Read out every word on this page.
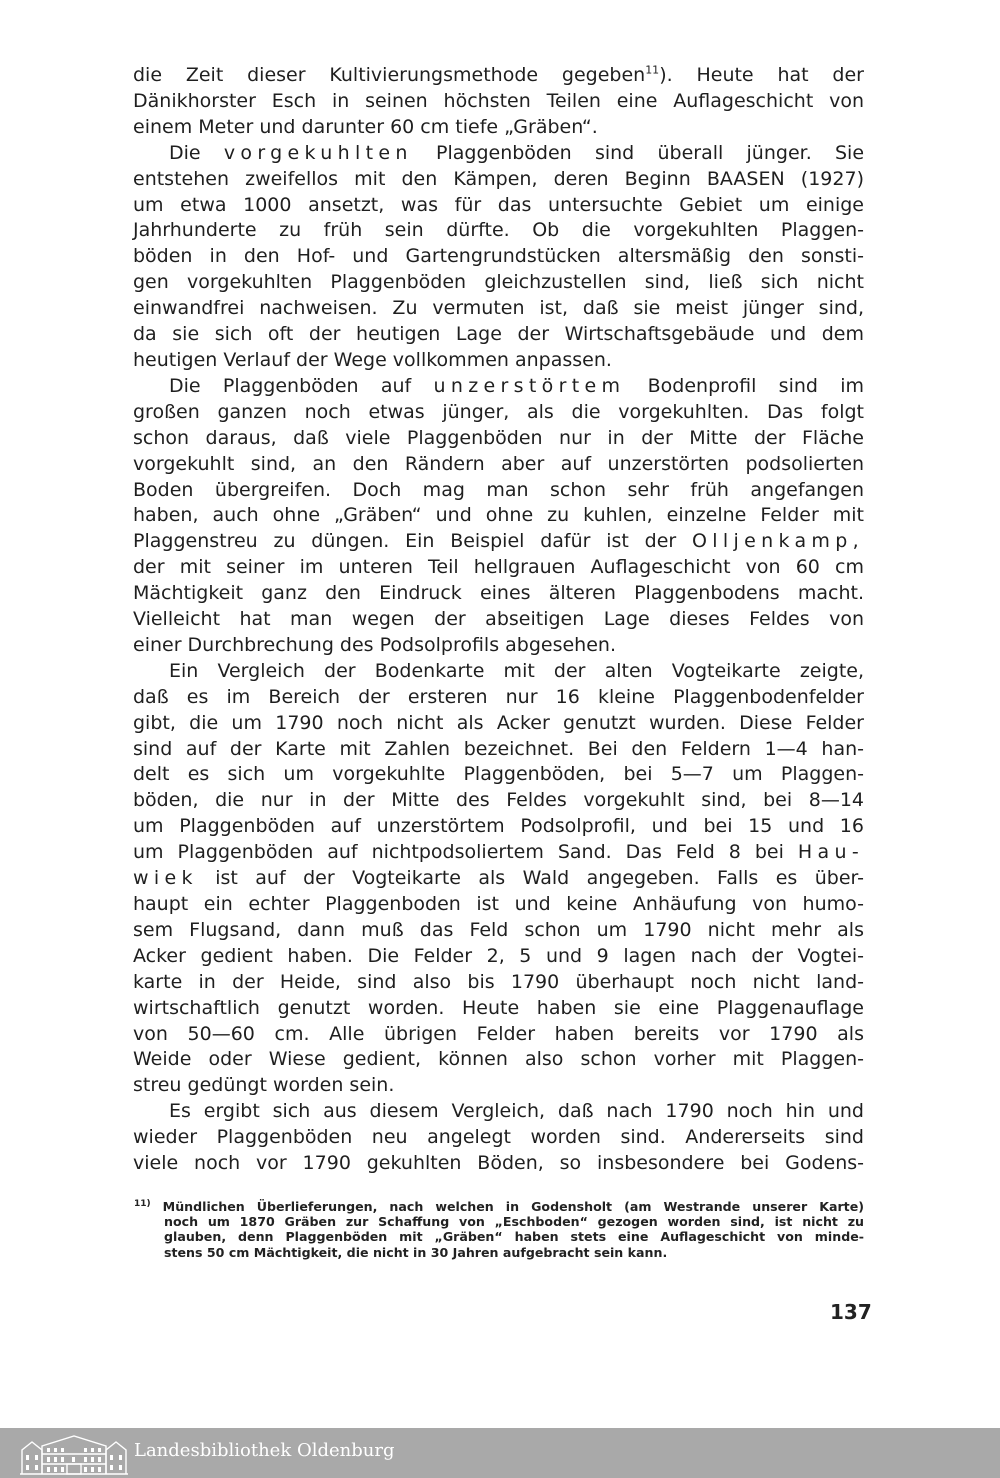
die Zeit dieser Kultivierungsmethode gegeben$^{11}$). Heute hat der
Dänikhorster Esch in seinen höchsten Teilen eine Auflageschicht von
einem Meter und darunter 60 cm tiefe „Gräben“.

Die vorgekuhlten Plaggenböden sind überall jünger. Sie
entstehen zweifellos mit den Kämpen, deren Beginn BAASEN (1927)
um etwa 1000 ansetzt, was für das untersuchte Gebiet um einige
Jahrhunderte zu früh sein dürfte. Ob die vorgekuhlten Plaggen-
böden in den Hof- und Gartengrundstücken altersmäßig den sonsti-
gen vorgekuhlten Plaggenböden gleichzustellen sind, ließ sich nicht
einwandfrei nachweisen. Zu vermuten ist, daß sie meist jünger sind,
da sie sich oft der heutigen Lage der Wirtschaftsgebäude und dem
heutigen Verlauf der Wege vollkommen anpassen.

Die Plaggenböden auf unzerstörtem Bodenprofil sind im
großen ganzen noch etwas jünger, als die vorgekuhlten. Das folgt
schon daraus, daß viele Plaggenböden nur in der Mitte der Fläche
vorgekuhlt sind, an den Rändern aber auf unzerstörten podsolierten
Boden übergreifen. Doch mag man schon sehr früh angefangen
haben, auch ohne „Gräben“ und ohne zu kuhlen, einzelne Felder mit
Plaggenstreu zu düngen. Ein Beispiel dafür ist der Olljenkamp,
der mit seiner im unteren Teil hellgrauen Auflageschicht von 60 cm
Mächtigkeit ganz den Eindruck eines älteren Plaggenbodens macht.
Vielleicht hat man wegen der abseitigen Lage dieses Feldes von
einer Durchbrechung des Podsolprofils abgesehen.

Ein Vergleich der Bodenkarte mit der alten Vogteikarte zeigte,
daß es im Bereich der ersteren nur 16 kleine Plaggenbodenfelder
gibt, die um 1790 noch nicht als Acker genutzt wurden. Diese Felder
sind auf der Karte mit Zahlen bezeichnet. Bei den Feldern 1—4 han-
delt es sich um vorgekuhlte Plaggenböden, bei 5—7 um Plaggen-
böden, die nur in der Mitte des Feldes vorgekuhlt sind, bei 8—14
um Plaggenböden auf unzerstörtem Podsolprofil, und bei 15 und 16
um Plaggenböden auf nichtpodsoliertem Sand. Das Feld 8 bei Hau-
wiek ist auf der Vogteikarte als Wald angegeben. Falls es über-
haupt ein echter Plaggenboden ist und keine Anhäufung von humo-
sem Flugsand, dann muß das Feld schon um 1790 nicht mehr als
Acker gedient haben. Die Felder 2, 5 und 9 lagen nach der Vogtei-
karte in der Heide, sind also bis 1790 überhaupt noch nicht land-
wirtschaftlich genutzt worden. Heute haben sie eine Plaggenauflage
von 50—60 cm. Alle übrigen Felder haben bereits vor 1790 als
Weide oder Wiese gedient, können also schon vorher mit Plaggen-
streu gedüngt worden sein.

Es ergibt sich aus diesem Vergleich, daß nach 1790 noch hin und
wieder Plaggenböden neu angelegt worden sind. Andererseits sind
viele noch vor 1790 gekuhlten Böden, so insbesondere bei Godens-

$^{11)}$ Mündlichen Überlieferungen, nach welchen in Godensholt (am Westrande unserer Karte)
noch um 1870 Gräben zur Schaffung von „Eschboden“ gezogen worden sind, ist nicht zu
glauben, denn Plaggenböden mit „Gräben“ haben stets eine Auflageschicht von minde-
stens 50 cm Mächtigkeit, die nicht in 30 Jahren aufgebracht sein kann.
137
Landesbibliothek Oldenburg
